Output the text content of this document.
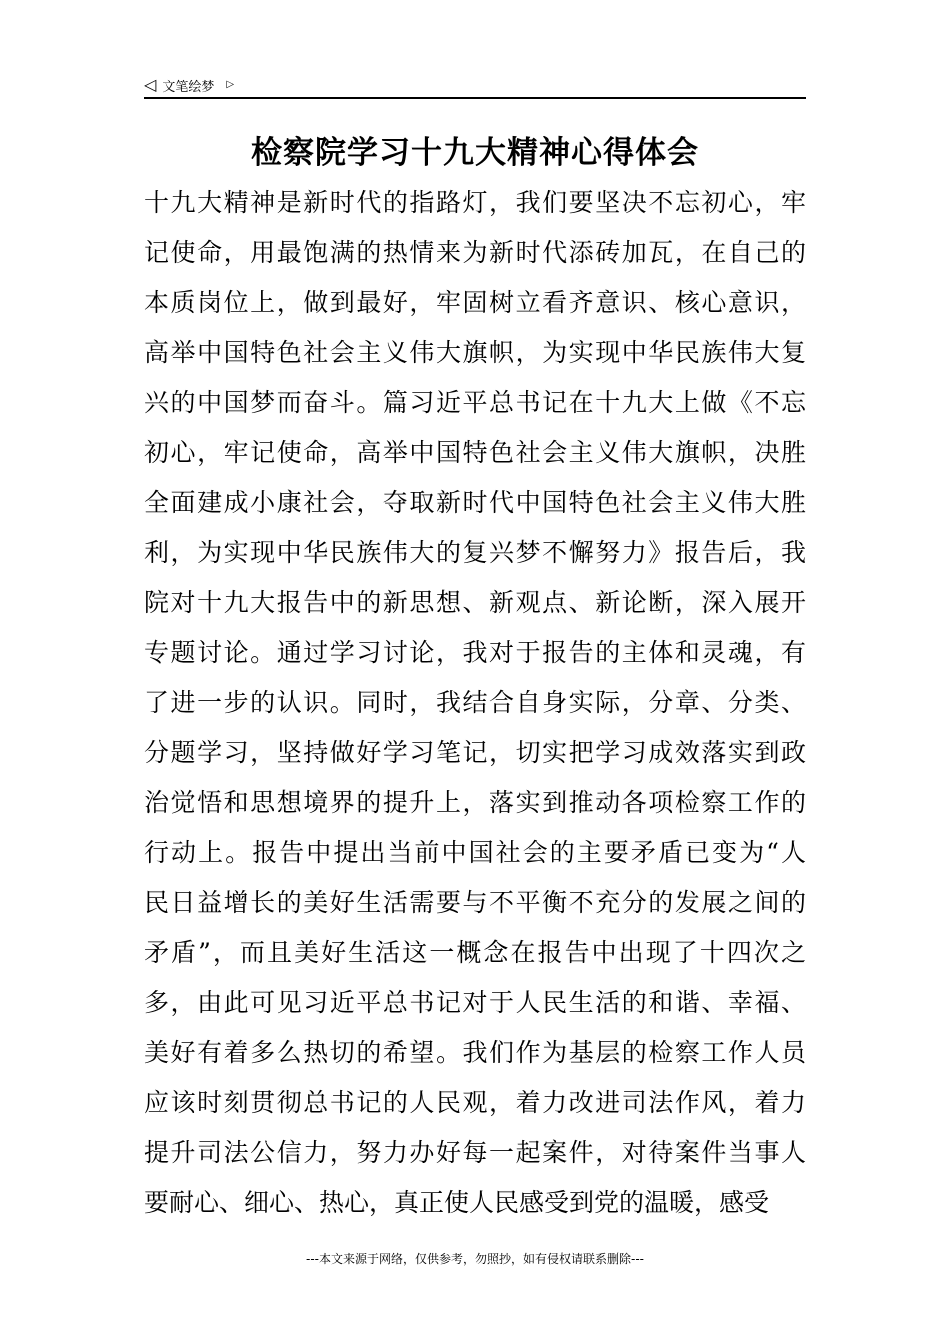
◁ 文笔绘梦 ▷
检察院学习十九大精神心得体会
十九大精神是新时代的指路灯，我们要坚决不忘初心，牢
记使命，用最饱满的热情来为新时代添砖加瓦，在自己的
本质岗位上，做到最好，牢固树立看齐意识、核心意识，
高举中国特色社会主义伟大旗帜，为实现中华民族伟大复
兴的中国梦而奋斗。篇习近平总书记在十九大上做《不忘
初心，牢记使命，高举中国特色社会主义伟大旗帜，决胜
全面建成小康社会，夺取新时代中国特色社会主义伟大胜
利，为实现中华民族伟大的复兴梦不懈努力》报告后，我
院对十九大报告中的新思想、新观点、新论断，深入展开
专题讨论。通过学习讨论，我对于报告的主体和灵魂，有
了进一步的认识。同时，我结合自身实际，分章、分类、
分题学习，坚持做好学习笔记，切实把学习成效落实到政
治觉悟和思想境界的提升上，落实到推动各项检察工作的
行动上。报告中提出当前中国社会的主要矛盾已变为“人
民日益增长的美好生活需要与不平衡不充分的发展之间的
矛盾”，而且美好生活这一概念在报告中出现了十四次之
多，由此可见习近平总书记对于人民生活的和谐、幸福、
美好有着多么热切的希望。我们作为基层的检察工作人员
应该时刻贯彻总书记的人民观，着力改进司法作风，着力
提升司法公信力，努力办好每一起案件，对待案件当事人
要耐心、细心、热心，真正使人民感受到党的温暖，感受
---本文来源于网络，仅供参考，勿照抄，如有侵权请联系删除---
